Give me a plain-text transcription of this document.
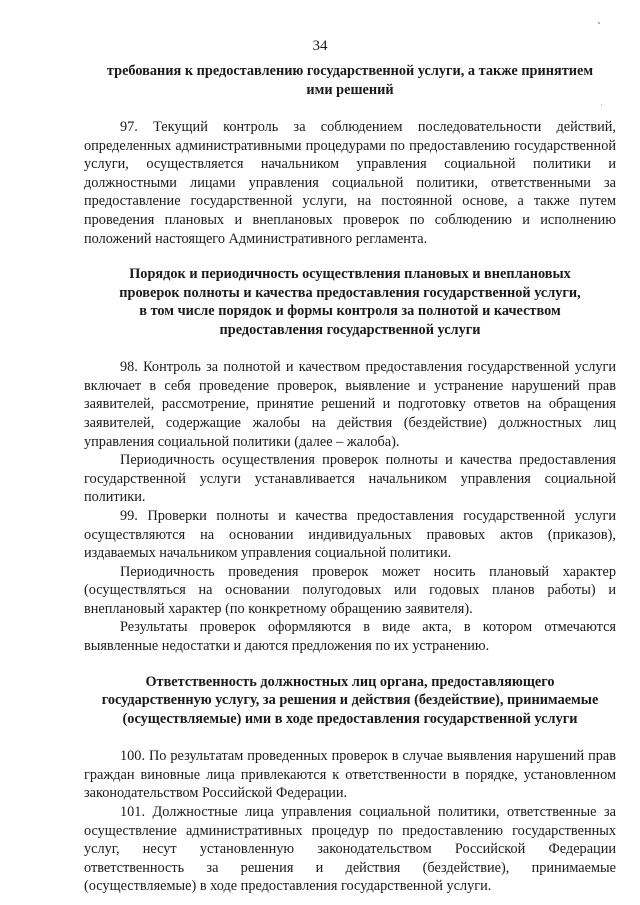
34
требования к предоставлению государственной услуги, а также принятием
ими решений

97. Текущий контроль за соблюдением последовательности действий, определенных административными процедурами по предоставлению государственной услуги, осуществляется начальником управления социальной политики и должностными лицами управления социальной политики, ответственными за предоставление государственной услуги, на постоянной основе, а также путем проведения плановых и внеплановых проверок по соблюдению и исполнению положений настоящего Административного регламента.

Порядок и периодичность осуществления плановых и внеплановых
проверок полноты и качества предоставления государственной услуги,
в том числе порядок и формы контроля за полнотой и качеством
предоставления государственной услуги

98. Контроль за полнотой и качеством предоставления государственной услуги включает в себя проведение проверок, выявление и устранение нарушений прав заявителей, рассмотрение, принятие решений и подготовку ответов на обращения заявителей, содержащие жалобы на действия (бездействие) должностных лиц управления социальной политики (далее – жалоба).

Периодичность осуществления проверок полноты и качества предоставления государственной услуги устанавливается начальником управления социальной политики.

99. Проверки полноты и качества предоставления государственной услуги осуществляются на основании индивидуальных правовых актов (приказов), издаваемых начальником управления социальной политики.

Периодичность проведения проверок может носить плановый характер (осуществляться на основании полугодовых или годовых планов работы) и внеплановый характер (по конкретному обращению заявителя).

Результаты проверок оформляются в виде акта, в котором отмечаются выявленные недостатки и даются предложения по их устранению.

Ответственность должностных лиц органа, предоставляющего
государственную услугу, за решения и действия (бездействие), принимаемые
(осуществляемые) ими в ходе предоставления государственной услуги

100. По результатам проведенных проверок в случае выявления нарушений прав граждан виновные лица привлекаются к ответственности в порядке, установленном законодательством Российской Федерации.

101. Должностные лица управления социальной политики, ответственные за осуществление административных процедур по предоставлению государственных услуг, несут установленную законодательством Российской Федерации ответственность за решения и действия (бездействие), принимаемые (осуществляемые) в ходе предоставления государственной услуги.
